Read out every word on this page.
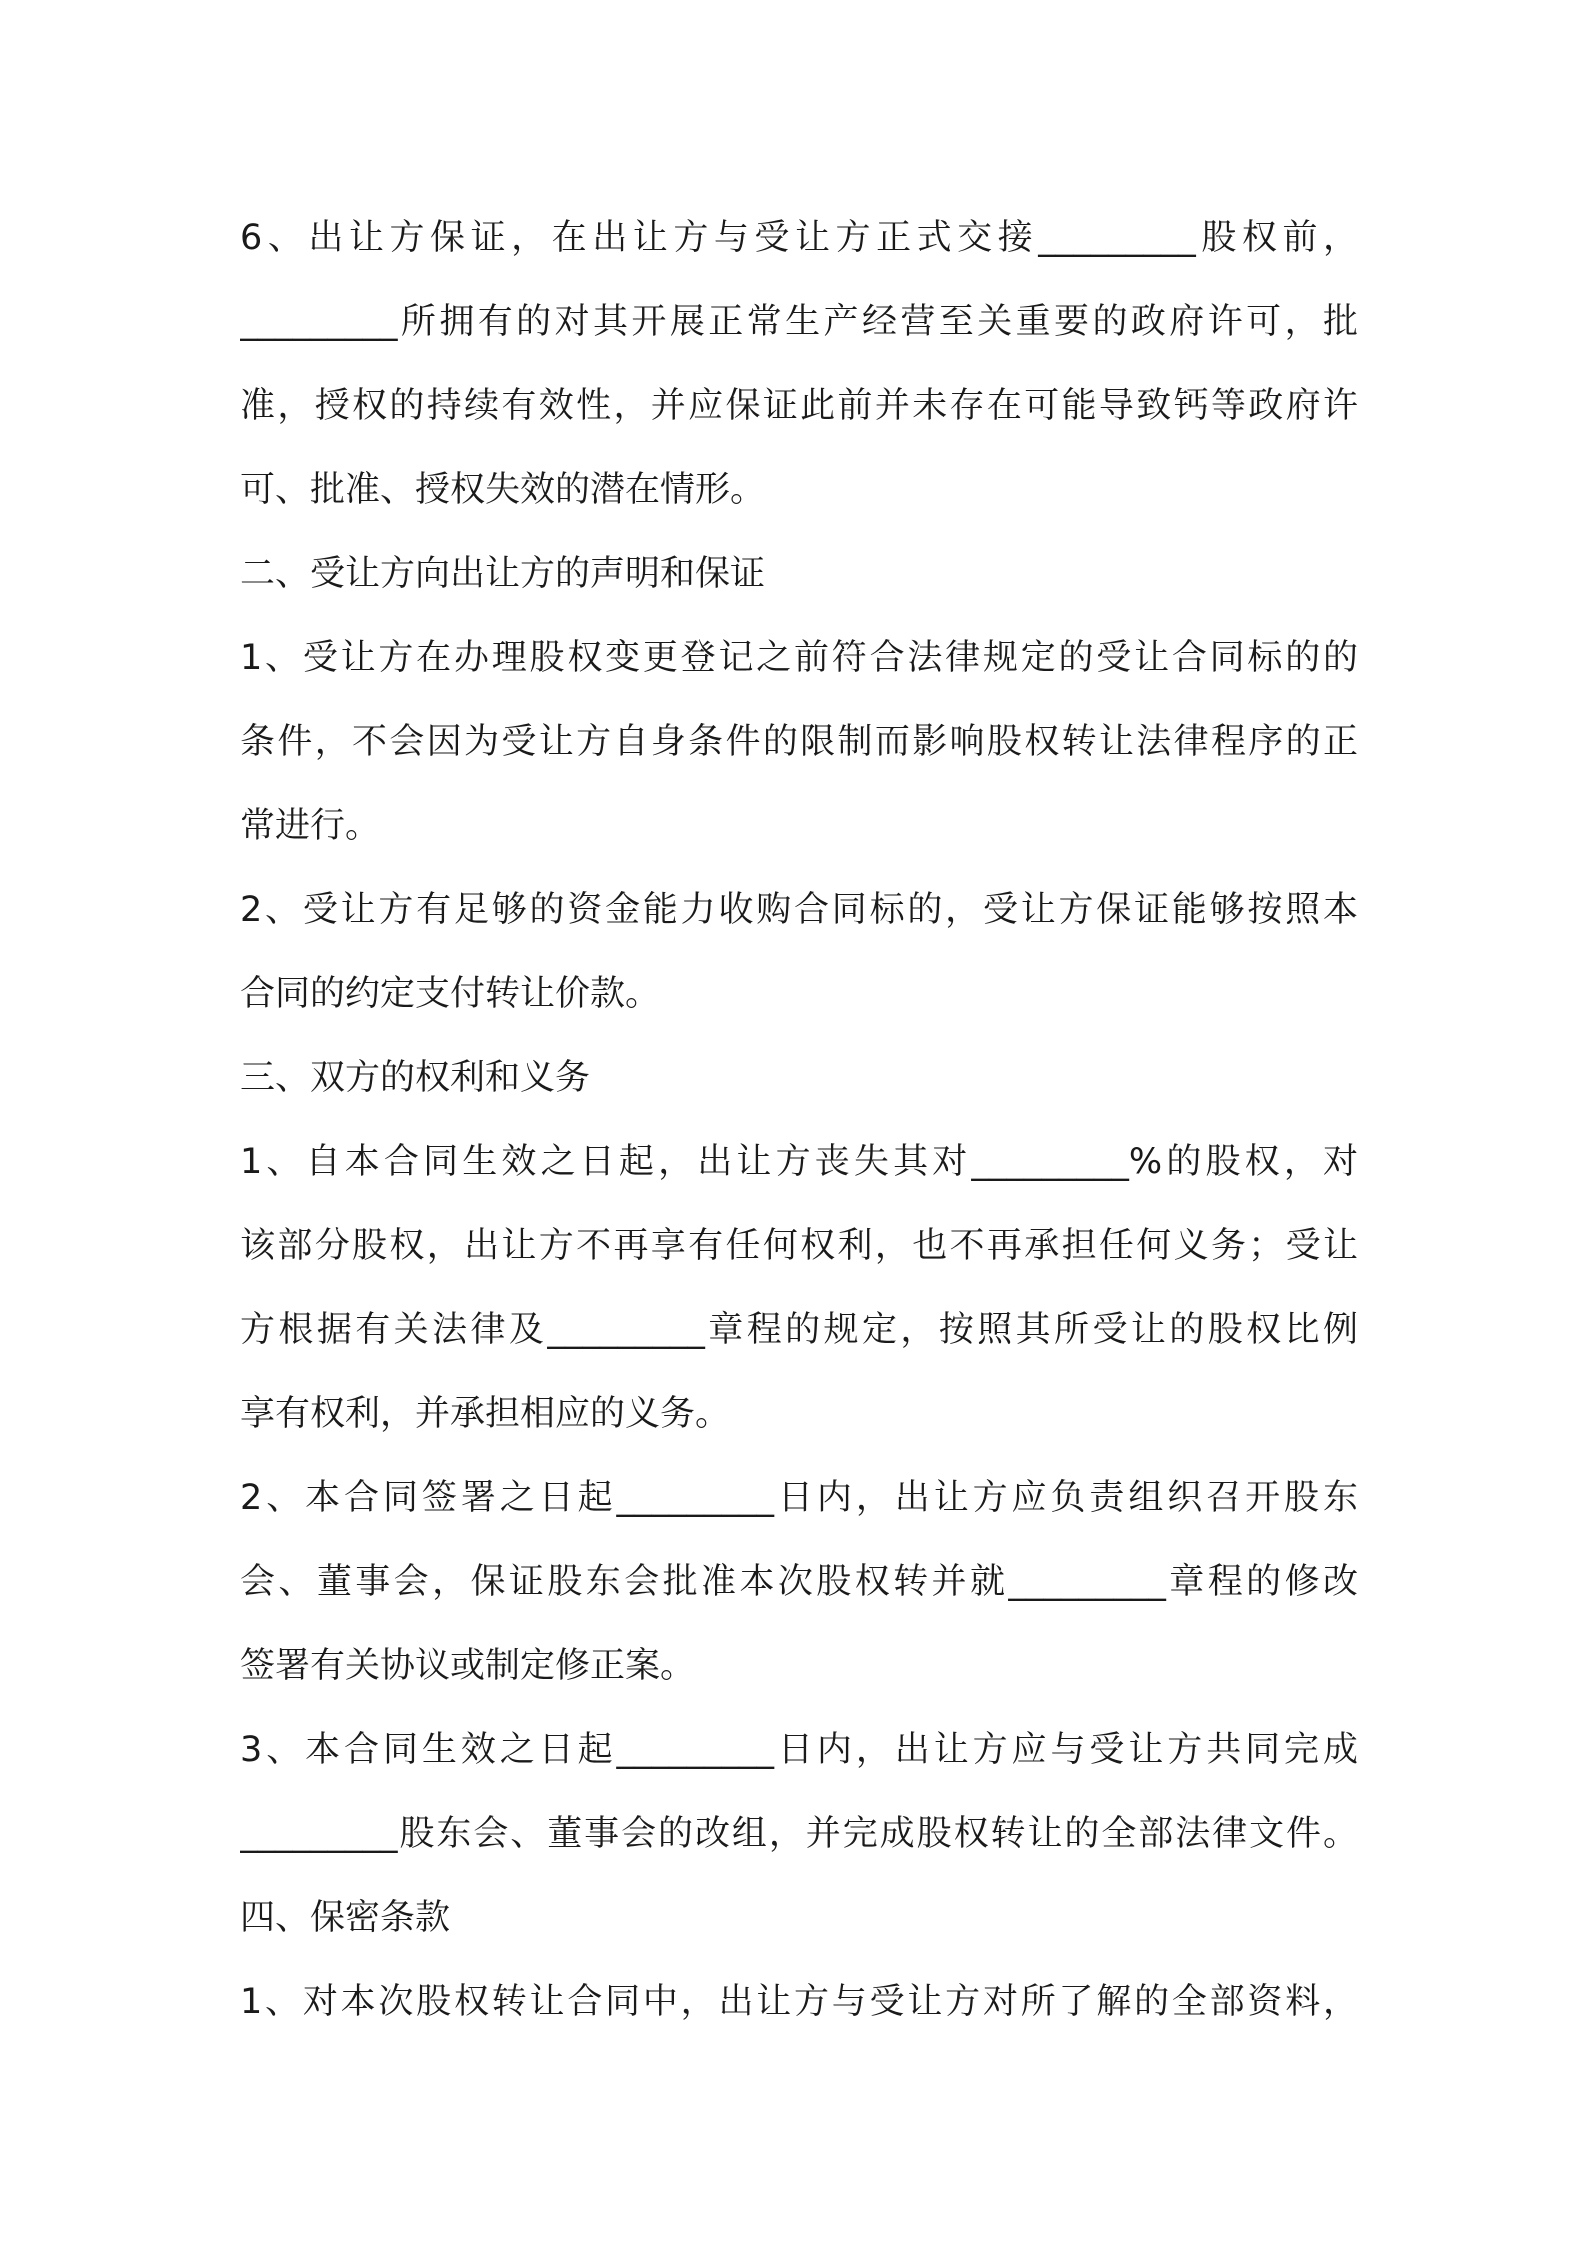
6、出让方保证，在出让方与受让方正式交接_________股权前，
_________所拥有的对其开展正常生产经营至关重要的政府许可，批
准，授权的持续有效性，并应保证此前并未存在可能导致钙等政府许
可、批准、授权失效的潜在情形。
二、受让方向出让方的声明和保证
1、受让方在办理股权变更登记之前符合法律规定的受让合同标的的
条件，不会因为受让方自身条件的限制而影响股权转让法律程序的正
常进行。
2、受让方有足够的资金能力收购合同标的，受让方保证能够按照本
合同的约定支付转让价款。
三、双方的权利和义务
1、自本合同生效之日起，出让方丧失其对_________%的股权，对
该部分股权，出让方不再享有任何权利，也不再承担任何义务；受让
方根据有关法律及_________章程的规定，按照其所受让的股权比例
享有权利，并承担相应的义务。
2、本合同签署之日起_________日内，出让方应负责组织召开股东
会、董事会，保证股东会批准本次股权转并就_________章程的修改
签署有关协议或制定修正案。
3、本合同生效之日起_________日内，出让方应与受让方共同完成
_________股东会、董事会的改组，并完成股权转让的全部法律文件。
四、保密条款
1、对本次股权转让合同中，出让方与受让方对所了解的全部资料，
